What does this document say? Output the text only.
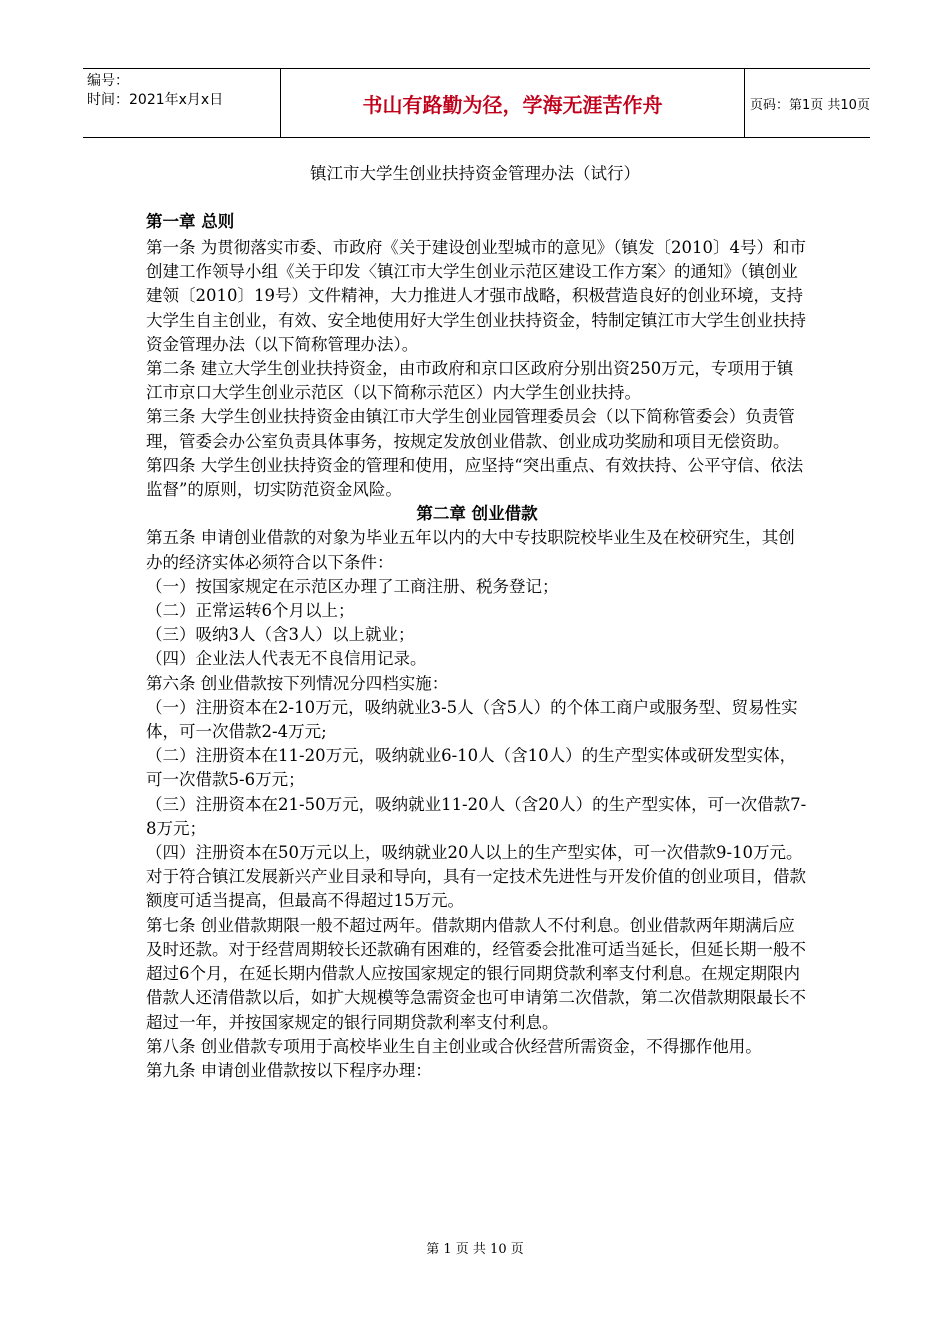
编号：
时间：2021年x月x日	书山有路勤为径，学海无涯苦作舟	页码：第1页 共10页
镇江市大学生创业扶持资金管理办法（试行）

第一章 总则

第一条 为贯彻落实市委、市政府《关于建设创业型城市的意见》（镇发〔2010〕4号）和市创建工作领导小组《关于印发〈镇江市大学生创业示范区建设工作方案〉的通知》（镇创业建领〔2010〕19号）文件精神，大力推进人才强市战略，积极营造良好的创业环境，支持大学生自主创业，有效、安全地使用好大学生创业扶持资金，特制定镇江市大学生创业扶持资金管理办法（以下简称管理办法）。

第二条 建立大学生创业扶持资金，由市政府和京口区政府分别出资250万元，专项用于镇江市京口大学生创业示范区（以下简称示范区）内大学生创业扶持。

第三条 大学生创业扶持资金由镇江市大学生创业园管理委员会（以下简称管委会）负责管理，管委会办公室负责具体事务，按规定发放创业借款、创业成功奖励和项目无偿资助。

第四条 大学生创业扶持资金的管理和使用，应坚持“突出重点、有效扶持、公平守信、依法监督”的原则，切实防范资金风险。

第二章 创业借款

第五条 申请创业借款的对象为毕业五年以内的大中专技职院校毕业生及在校研究生，其创办的经济实体必须符合以下条件：

（一）按国家规定在示范区办理了工商注册、税务登记；

（二）正常运转6个月以上；

（三）吸纳3人（含3人）以上就业；

（四）企业法人代表无不良信用记录。

第六条 创业借款按下列情况分四档实施：

（一）注册资本在2-10万元，吸纳就业3-5人（含5人）的个体工商户或服务型、贸易性实体，可一次借款2-4万元;

（二）注册资本在11-20万元，吸纳就业6-10人（含10人）的生产型实体或研发型实体，可一次借款5-6万元；

（三）注册资本在21-50万元，吸纳就业11-20人（含20人）的生产型实体，可一次借款7-8万元；

（四）注册资本在50万元以上，吸纳就业20人以上的生产型实体，可一次借款9-10万元。

对于符合镇江发展新兴产业目录和导向，具有一定技术先进性与开发价值的创业项目，借款额度可适当提高，但最高不得超过15万元。

第七条 创业借款期限一般不超过两年。借款期内借款人不付利息。创业借款两年期满后应及时还款。对于经营周期较长还款确有困难的，经管委会批准可适当延长，但延长期一般不超过6个月，在延长期内借款人应按国家规定的银行同期贷款利率支付利息。在规定期限内借款人还清借款以后，如扩大规模等急需资金也可申请第二次借款，第二次借款期限最长不超过一年，并按国家规定的银行同期贷款利率支付利息。

第八条 创业借款专项用于高校毕业生自主创业或合伙经营所需资金，不得挪作他用。

第九条 申请创业借款按以下程序办理：

第 1 页 共 10 页
